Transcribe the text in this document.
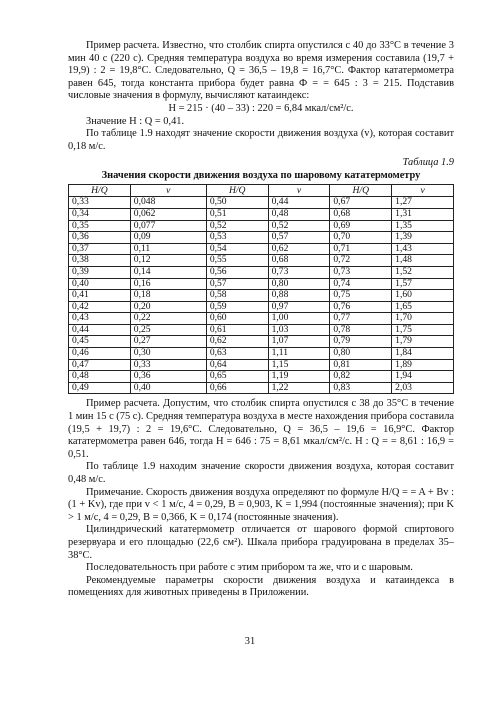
Пример расчета. Известно, что столбик спирта опустился с 40 до 33°С в течение 3 мин 40 с (220 с). Средняя температура воздуха во время измерения составила (19,7 + 19,9) : 2 = 19,8°С. Следовательно, Q = 36,5 – 19,8 = 16,7°С. Фактор кататермометра равен 645, тогда константа прибора будет равна Ф = = 645 : 3 = 215. Подставив числовые значения в формулу, вычисляют катаиндекс:

H = 215 · (40 – 33) : 220 = 6,84 мкал/см²/с.

Значение H : Q = 0,41.

По таблице 1.9 находят значение скорости движения воздуха (v), которая составит 0,18 м/с.

Таблица 1.9
Значения скорости движения воздуха по шаровому кататермометру
H/Q	v	H/Q	v	H/Q	v
0,33	0,048	0,50	0,44	0,67	1,27
0,34	0,062	0,51	0,48	0,68	1,31
0,35	0,077	0,52	0,52	0,69	1,35
0,36	0,09	0,53	0,57	0,70	1,39
0,37	0,11	0,54	0,62	0,71	1,43
0,38	0,12	0,55	0,68	0,72	1,48
0,39	0,14	0,56	0,73	0,73	1,52
0,40	0,16	0,57	0,80	0,74	1,57
0,41	0,18	0,58	0,88	0,75	1,60
0,42	0,20	0,59	0,97	0,76	1,65
0,43	0,22	0,60	1,00	0,77	1,70
0,44	0,25	0,61	1,03	0,78	1,75
0,45	0,27	0,62	1,07	0,79	1,79
0,46	0,30	0,63	1,11	0,80	1,84
0,47	0,33	0,64	1,15	0,81	1,89
0,48	0,36	0,65	1,19	0,82	1,94
0,49	0,40	0,66	1,22	0,83	2,03

Пример расчета. Допустим, что столбик спирта опустился с 38 до 35°С в течение 1 мин 15 с (75 с). Средняя температура воздуха в месте нахождения прибора составила (19,5 + 19,7) : 2 = 19,6°С. Следовательно, Q = 36,5 – 19,6 = 16,9°С. Фактор кататермометра равен 646, тогда Н = 646 : 75 = 8,61 мкал/см²/с. Н : Q = = 8,61 : 16,9 = 0,51.

По таблице 1.9 находим значение скорости движения воздуха, которая составит 0,48 м/с.

Примечание. Скорость движения воздуха определяют по формуле H/Q = = A + Bv : (1 + Kv), где при v < 1 м/с, 4 = 0,29, B = 0,903, K = 1,994 (постоянные значения); при K > 1 м/с, 4 = 0,29, B = 0,366, K = 0,174 (постоянные значения).

Цилиндрический кататермометр отличается от шарового формой спиртового резервуара и его площадью (22,6 см²). Шкала прибора градуирована в пределах 35–38°С.

Последовательность при работе с этим прибором та же, что и с шаровым.

Рекомендуемые параметры скорости движения воздуха и катаиндекса в помещениях для животных приведены в Приложении.

31
